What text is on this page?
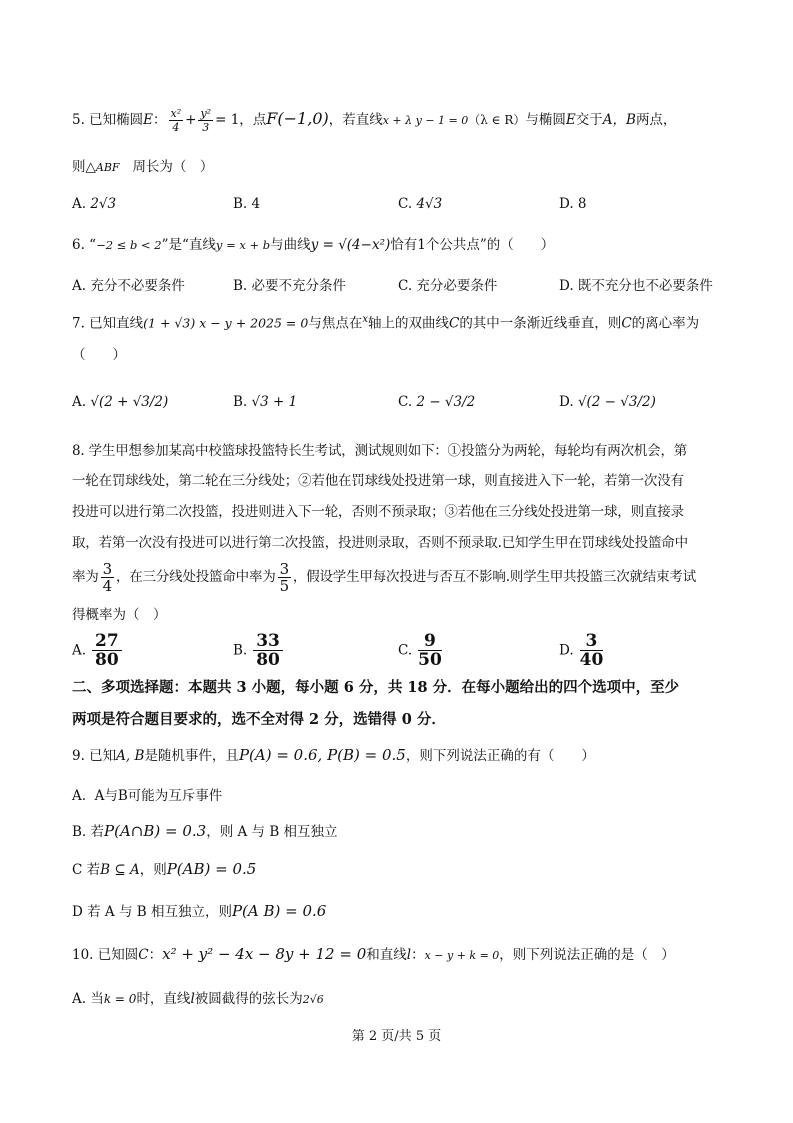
5. 已知椭圆E： $\frac{\text{x²}}{4} + \frac{\text{y²}}{3} = 1$，点F(−1,0)，若直线x + λ y − 1 = 0（λ ∈ R）与椭圆E交于A，B两点，
则△ABF 周长为（　）
A. 2√3	B. 4	C. 4√3	D. 8
6. “−2 ≤ b < 2”是“直线y = x + b与曲线y = √(4−x²)恰有1个公共点”的（　　）
A. 充分不必要条件	B. 必要不充分条件	C. 充分必要条件	D. 既不充分也不必要条件
7. 已知直线(1 + √3) x − y + 2025 = 0与焦点在$^x$轴上的双曲线C的其中一条渐近线垂直，则C的离心率为
（　　）
A. √(2 + √3/2)	B. √3 + 1	C. 2 − √3/2	D. √(2 − √3/2)
8. 学生甲想参加某高中校篮球投篮特长生考试，测试规则如下：①投篮分为两轮，每轮均有两次机会，第
一轮在罚球线处，第二轮在三分线处；②若他在罚球线处投进第一球，则直接进入下一轮，若第一次没有
投进可以进行第二次投篮，投进则进入下一轮，否则不预录取；③若他在三分线处投进第一球，则直接录
取，若第一次没有投进可以进行第二次投篮，投进则录取，否则不预录取.已知学生甲在罚球线处投篮命中
率为 $\frac{3}{4}$ ，在三分线处投篮命中率为 $\frac{3}{5}$ ，假设学生甲每次投进与否互不影响.则学生甲共投篮三次就结束考试
得概率为（　）
A. $\frac{27}{80}$	B. $\frac{33}{80}$	C. $\frac{9}{50}$	D. $\frac{3}{40}$
二、多项选择题：本题共 3 小题，每小题 6 分，共 18 分．在每小题给出的四个选项中，至少
两项是符合题目要求的，选不全对得 2 分，选错得 0 分．
9. 已知A, B是随机事件，且P(A) = 0.6, P(B) = 0.5，则下列说法正确的有（　　）
A. A与B可能为互斥事件
B. 若P(A∩B) = 0.3，则 A 与 B 相互独立
C 若B ⊆ A，则P(AB) = 0.5
D 若 A 与 B 相互独立，则P(A B) = 0.6
10. 已知圆C：x² + y² − 4x − 8y + 12 = 0和直线l：x − y + k = 0，则下列说法正确的是（　）
A. 当k = 0时，直线l被圆截得的弦长为2√6
第 2 页/共 5 页
